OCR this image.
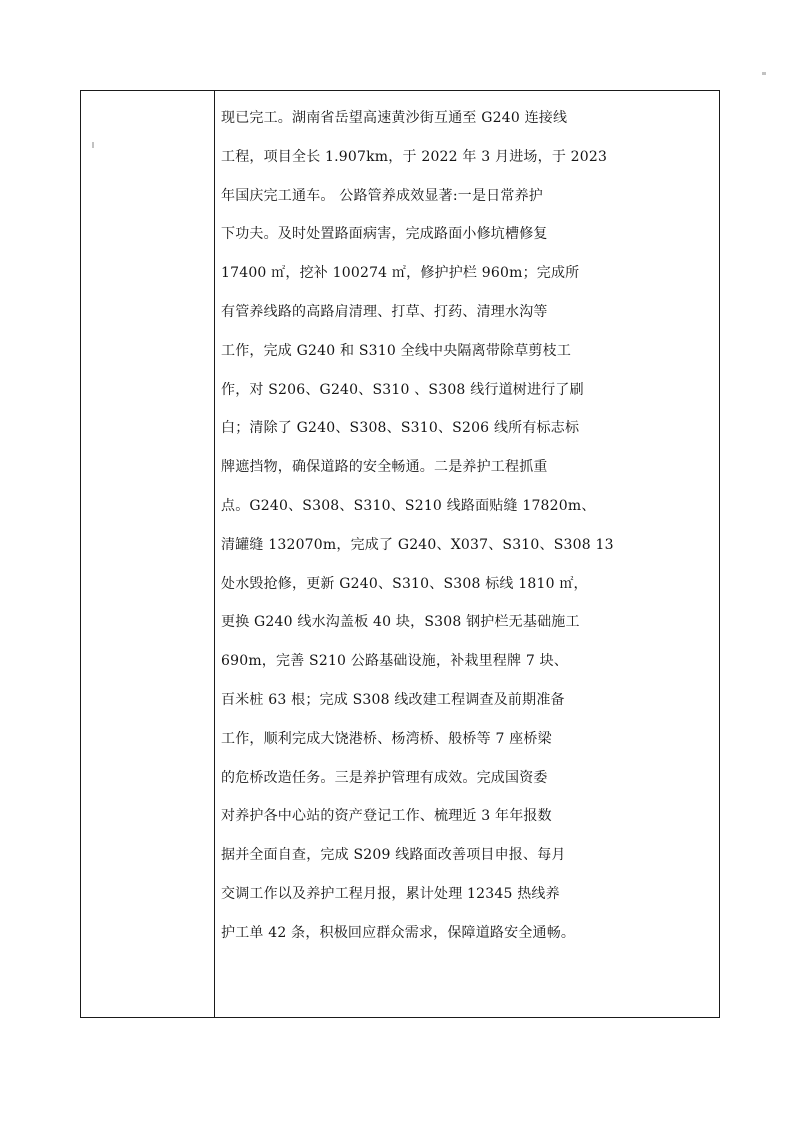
现已完工。湖南省岳望高速黄沙街互通至 G240 连接线
工程，项目全长 1.907km，于 2022 年 3 月进场，于 2023
年国庆完工通车。 公路管养成效显著:一是日常养护
下功夫。及时处置路面病害，完成路面小修坑槽修复
17400 ㎡，挖补 100274 ㎡，修护护栏 960m；完成所
有管养线路的高路肩清理、打草、打药、清理水沟等
工作，完成 G240 和 S310 全线中央隔离带除草剪枝工
作，对 S206、G240、S310 、S308 线行道树进行了刷
白；清除了 G240、S308、S310、S206 线所有标志标
牌遮挡物，确保道路的安全畅通。二是养护工程抓重
点。G240、S308、S310、S210 线路面贴缝 17820m、
清罐缝 132070m，完成了 G240、X037、S310、S308 13
处水毁抢修，更新 G240、S310、S308 标线 1810 ㎡，
更换 G240 线水沟盖板 40 块，S308 钢护栏无基础施工
690m，完善 S210 公路基础设施，补栽里程牌 7 块、
百米桩 63 根；完成 S308 线改建工程调查及前期准备
工作，顺利完成大饶港桥、杨湾桥、般桥等 7 座桥梁
的危桥改造任务。三是养护管理有成效。完成国资委
对养护各中心站的资产登记工作、梳理近 3 年年报数
据并全面自查，完成 S209 线路面改善项目申报、每月
交调工作以及养护工程月报，累计处理 12345 热线养
护工单 42 条，积极回应群众需求，保障道路安全通畅。
